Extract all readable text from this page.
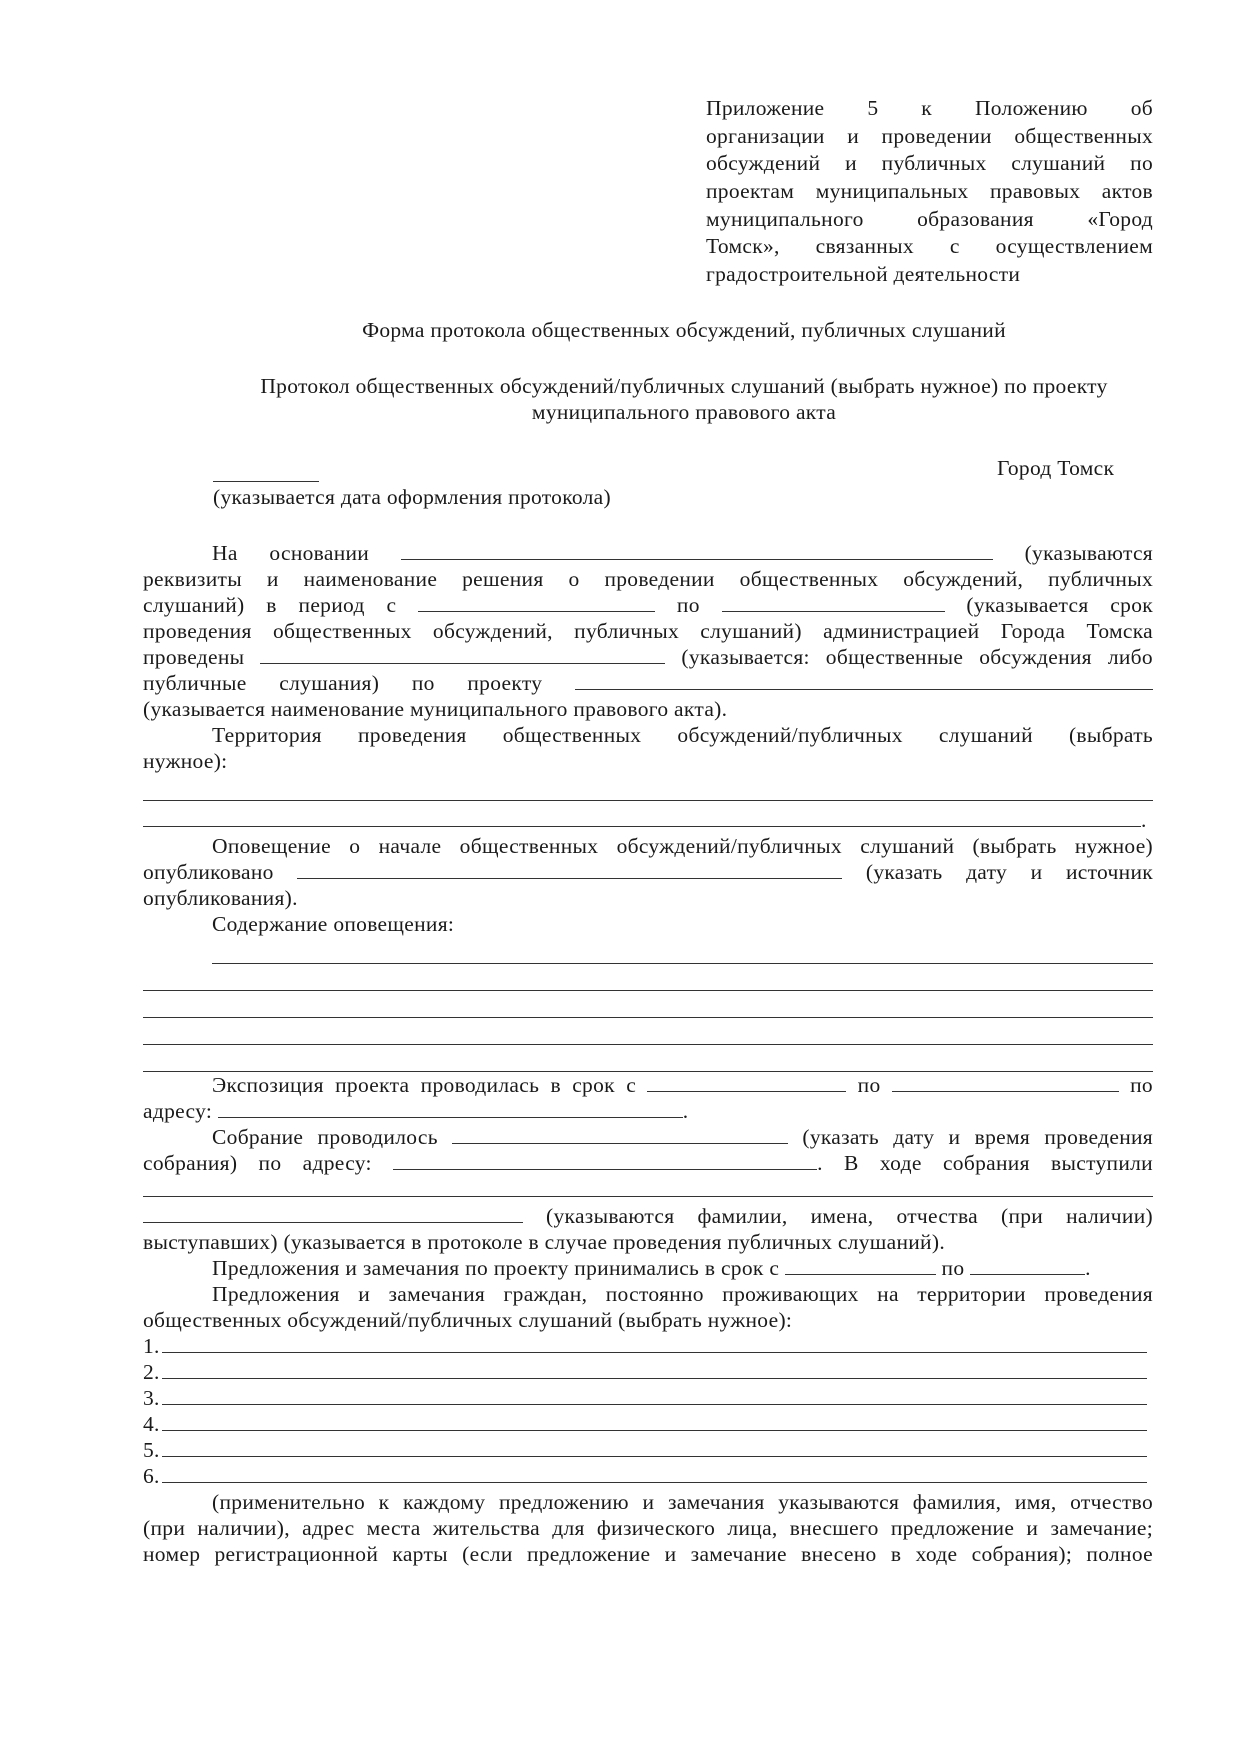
Приложение 5 к Положению об
организации и проведении общественных
обсуждений и публичных слушаний по
проектам муниципальных правовых актов
муниципального образования «Город
Томск», связанных с осуществлением
градостроительной деятельности
Форма протокола общественных обсуждений, публичных слушаний
Протокол общественных обсуждений/публичных слушаний (выбрать нужное) по проекту
муниципального правового акта
Город Томск
(указывается дата оформления протокола)
На основании	(указываются
реквизиты и наименование решения о проведении общественных обсуждений, публичных
слушаний) в период с	по	(указывается срок
проведения общественных обсуждений, публичных слушаний) администрацией Города Томска
проведены	(указывается: общественные обсуждения либо
публичные слушания) по проекту
(указывается наименование муниципального правового акта).
Территория проведения общественных обсуждений/публичных слушаний (выбрать
нужное):
.
Оповещение о начале общественных обсуждений/публичных слушаний (выбрать нужное)
опубликовано	(указать дату и источник
опубликования).
Содержание оповещения:
Экспозиция проекта проводилась в срок с	по	по
адресу:	.
Собрание проводилось	(указать дату и время проведения
собрания) по адресу:	. В ходе собрания выступили
(указываются фамилии, имена, отчества (при наличии)
выступавших) (указывается в протоколе в случае проведения публичных слушаний).
Предложения и замечания по проекту принимались в срок с	по	.
Предложения и замечания граждан, постоянно проживающих на территории проведения
общественных обсуждений/публичных слушаний (выбрать нужное):
1.
2.
3.
4.
5.
6.
(применительно к каждому предложению и замечания указываются фамилия, имя, отчество
(при наличии), адрес места жительства для физического лица, внесшего предложение и замечание;
номер регистрационной карты (если предложение и замечание внесено в ходе собрания); полное
